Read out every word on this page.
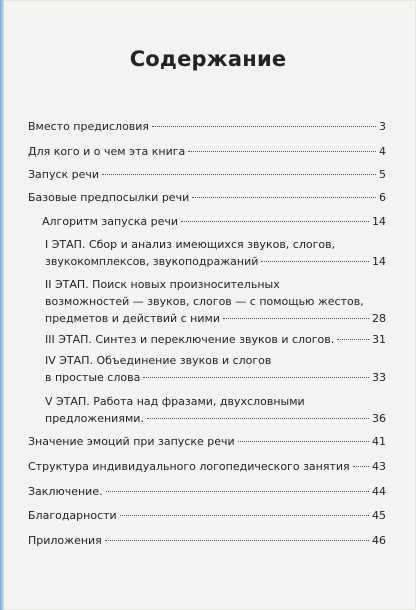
Содержание
Вместо предисловия	3
Для кого и о чем эта книга	4
Запуск речи	5
Базовые предпосылки речи	6
Алгоритм запуска речи	14
I ЭТАП. Сбор и анализ имеющихся звуков, слогов,
звукокомплексов, звукоподражаний	14
II ЭТАП. Поиск новых произносительных
возможностей — звуков, слогов — с помощью жестов,
предметов и действий с ними	28
III ЭТАП. Синтез и переключение звуков и слогов.	31
IV ЭТАП. Объединение звуков и слогов
в простые слова	33
V ЭТАП. Работа над фразами, двухсловными
предложениями.	36
Значение эмоций при запуске речи	41
Структура индивидуального логопедического занятия 43
Заключение.	44
Благодарности	45
Приложения	46
